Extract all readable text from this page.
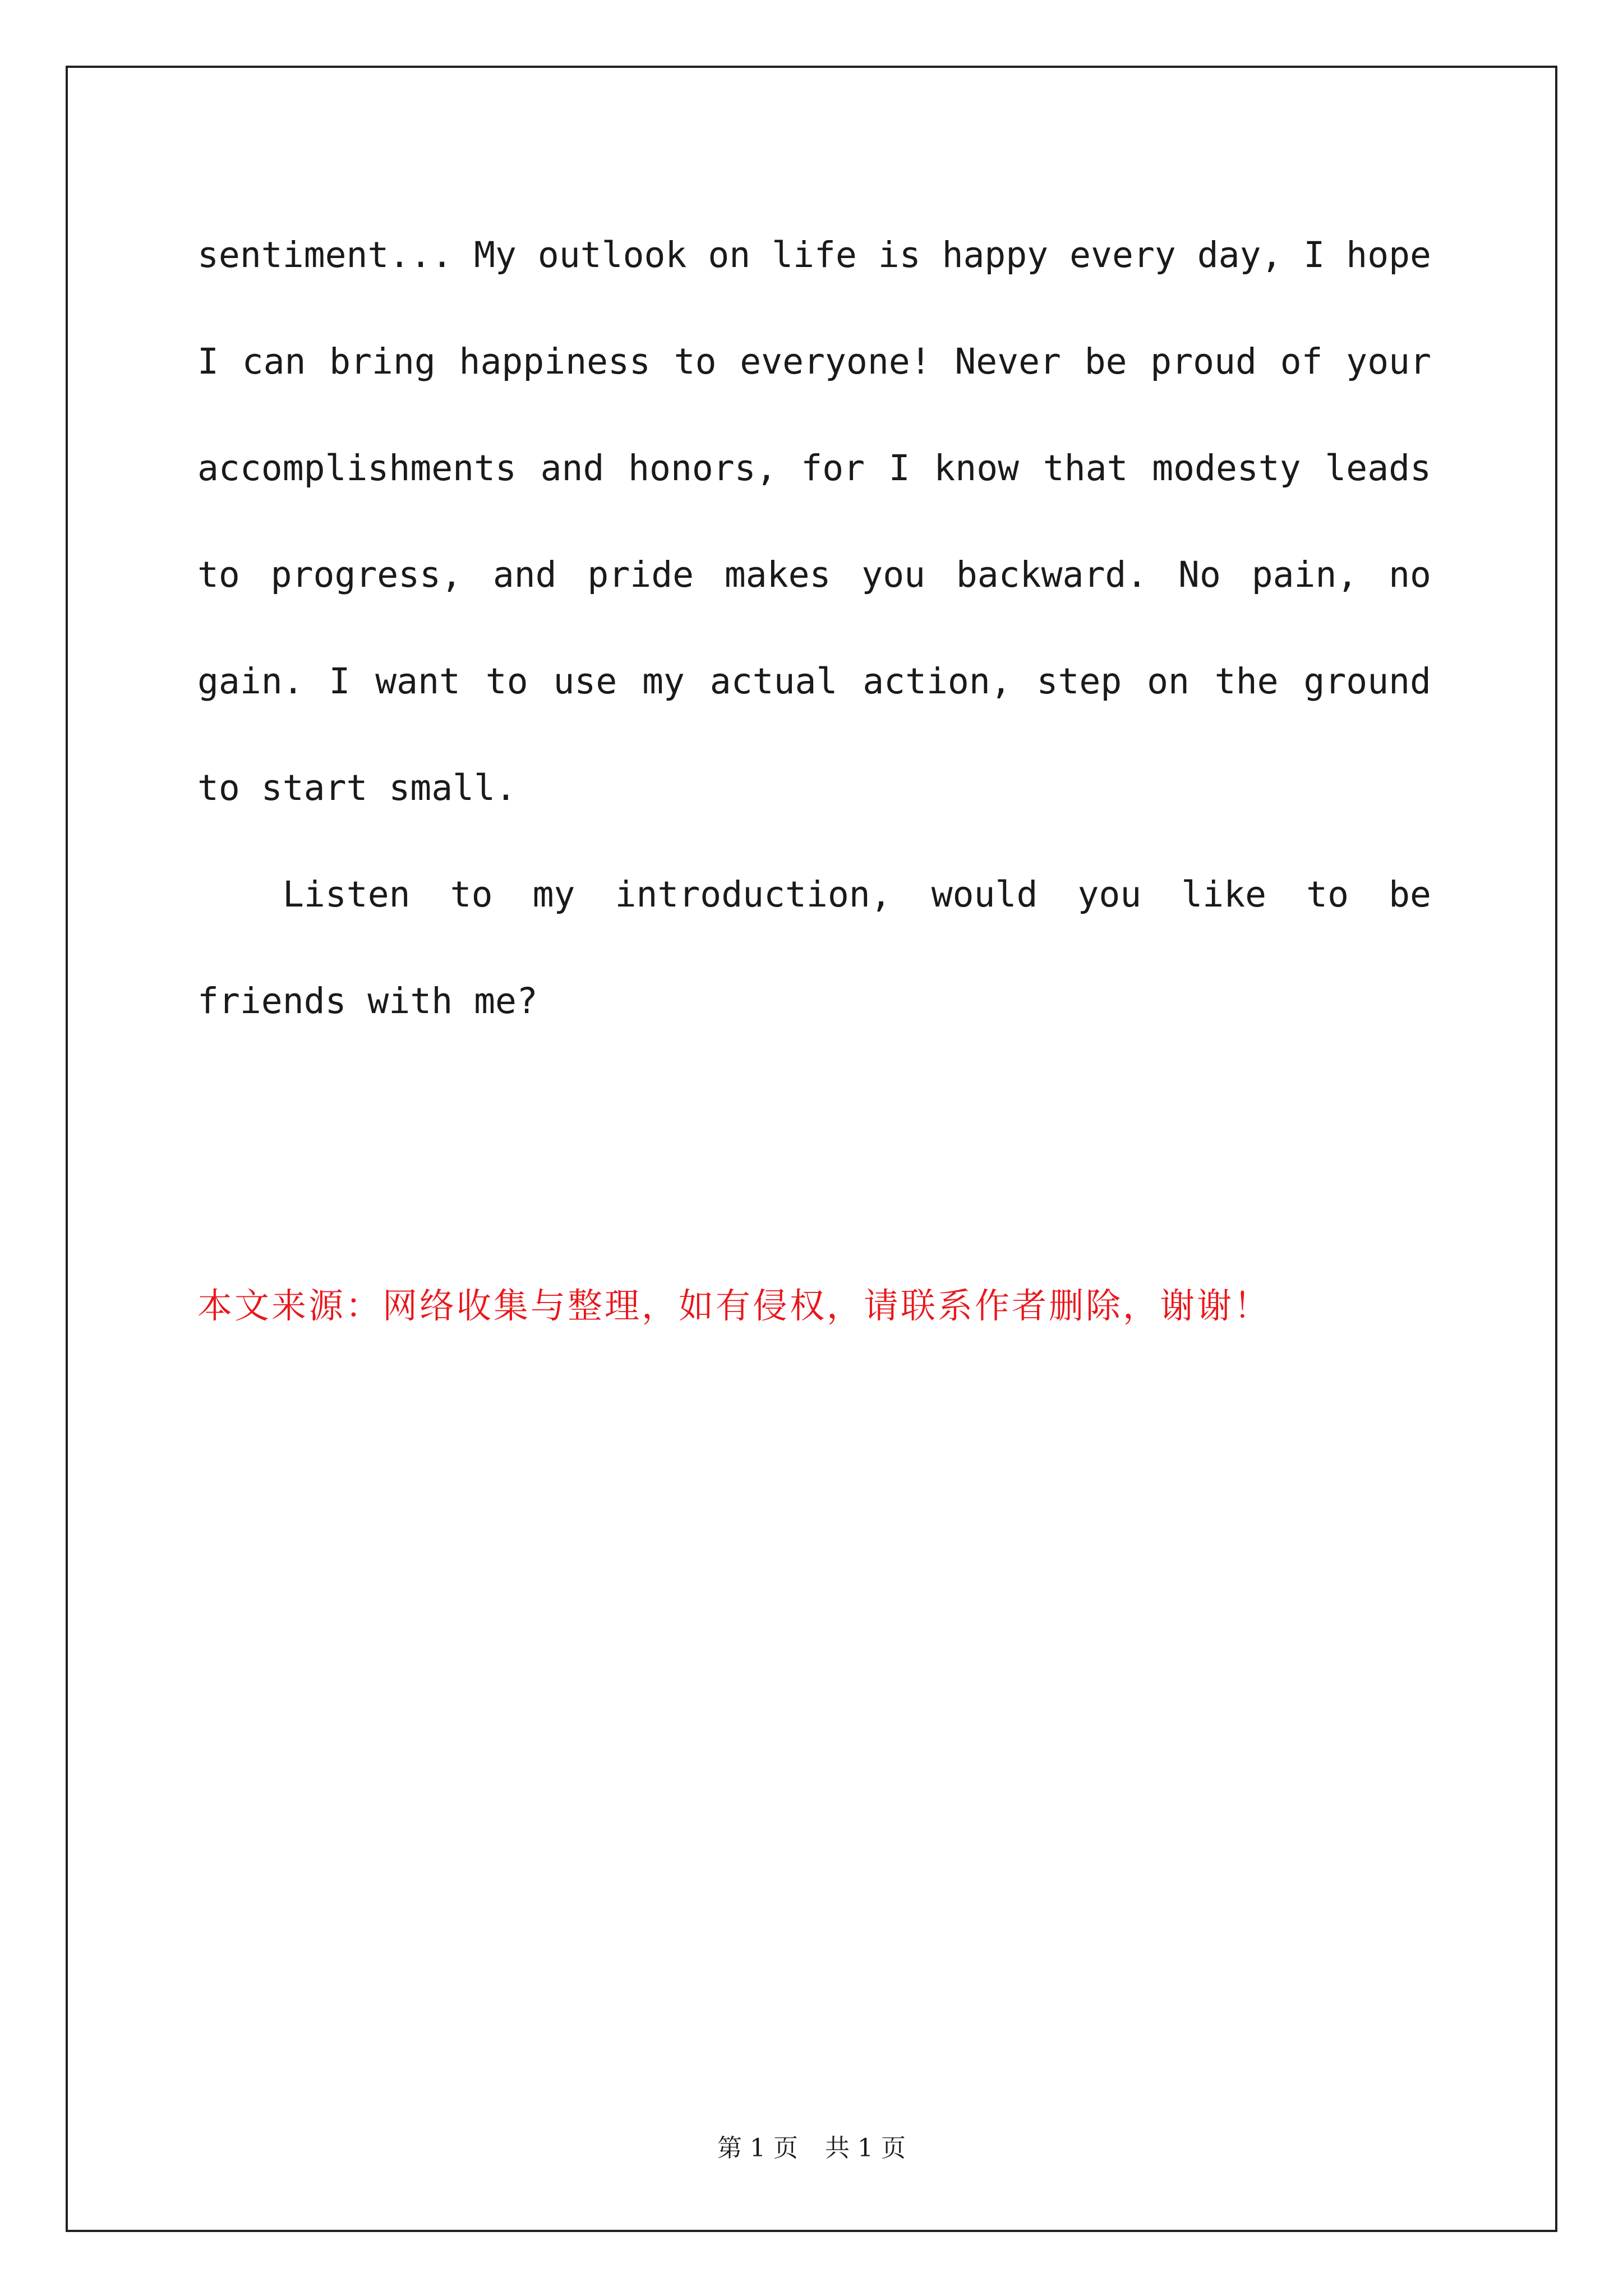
sentiment... My outlook on life is happy every day, I hope I can bring happiness to everyone! Never be proud of your accomplishments and honors, for I know that modesty leads to progress, and pride makes you backward. No pain, no gain. I want to use my actual action, step on the ground to start small.

Listen to my introduction, would you like to be friends with me?

本文来源：网络收集与整理，如有侵权，请联系作者删除，谢谢！
第 1 页 共 1 页
